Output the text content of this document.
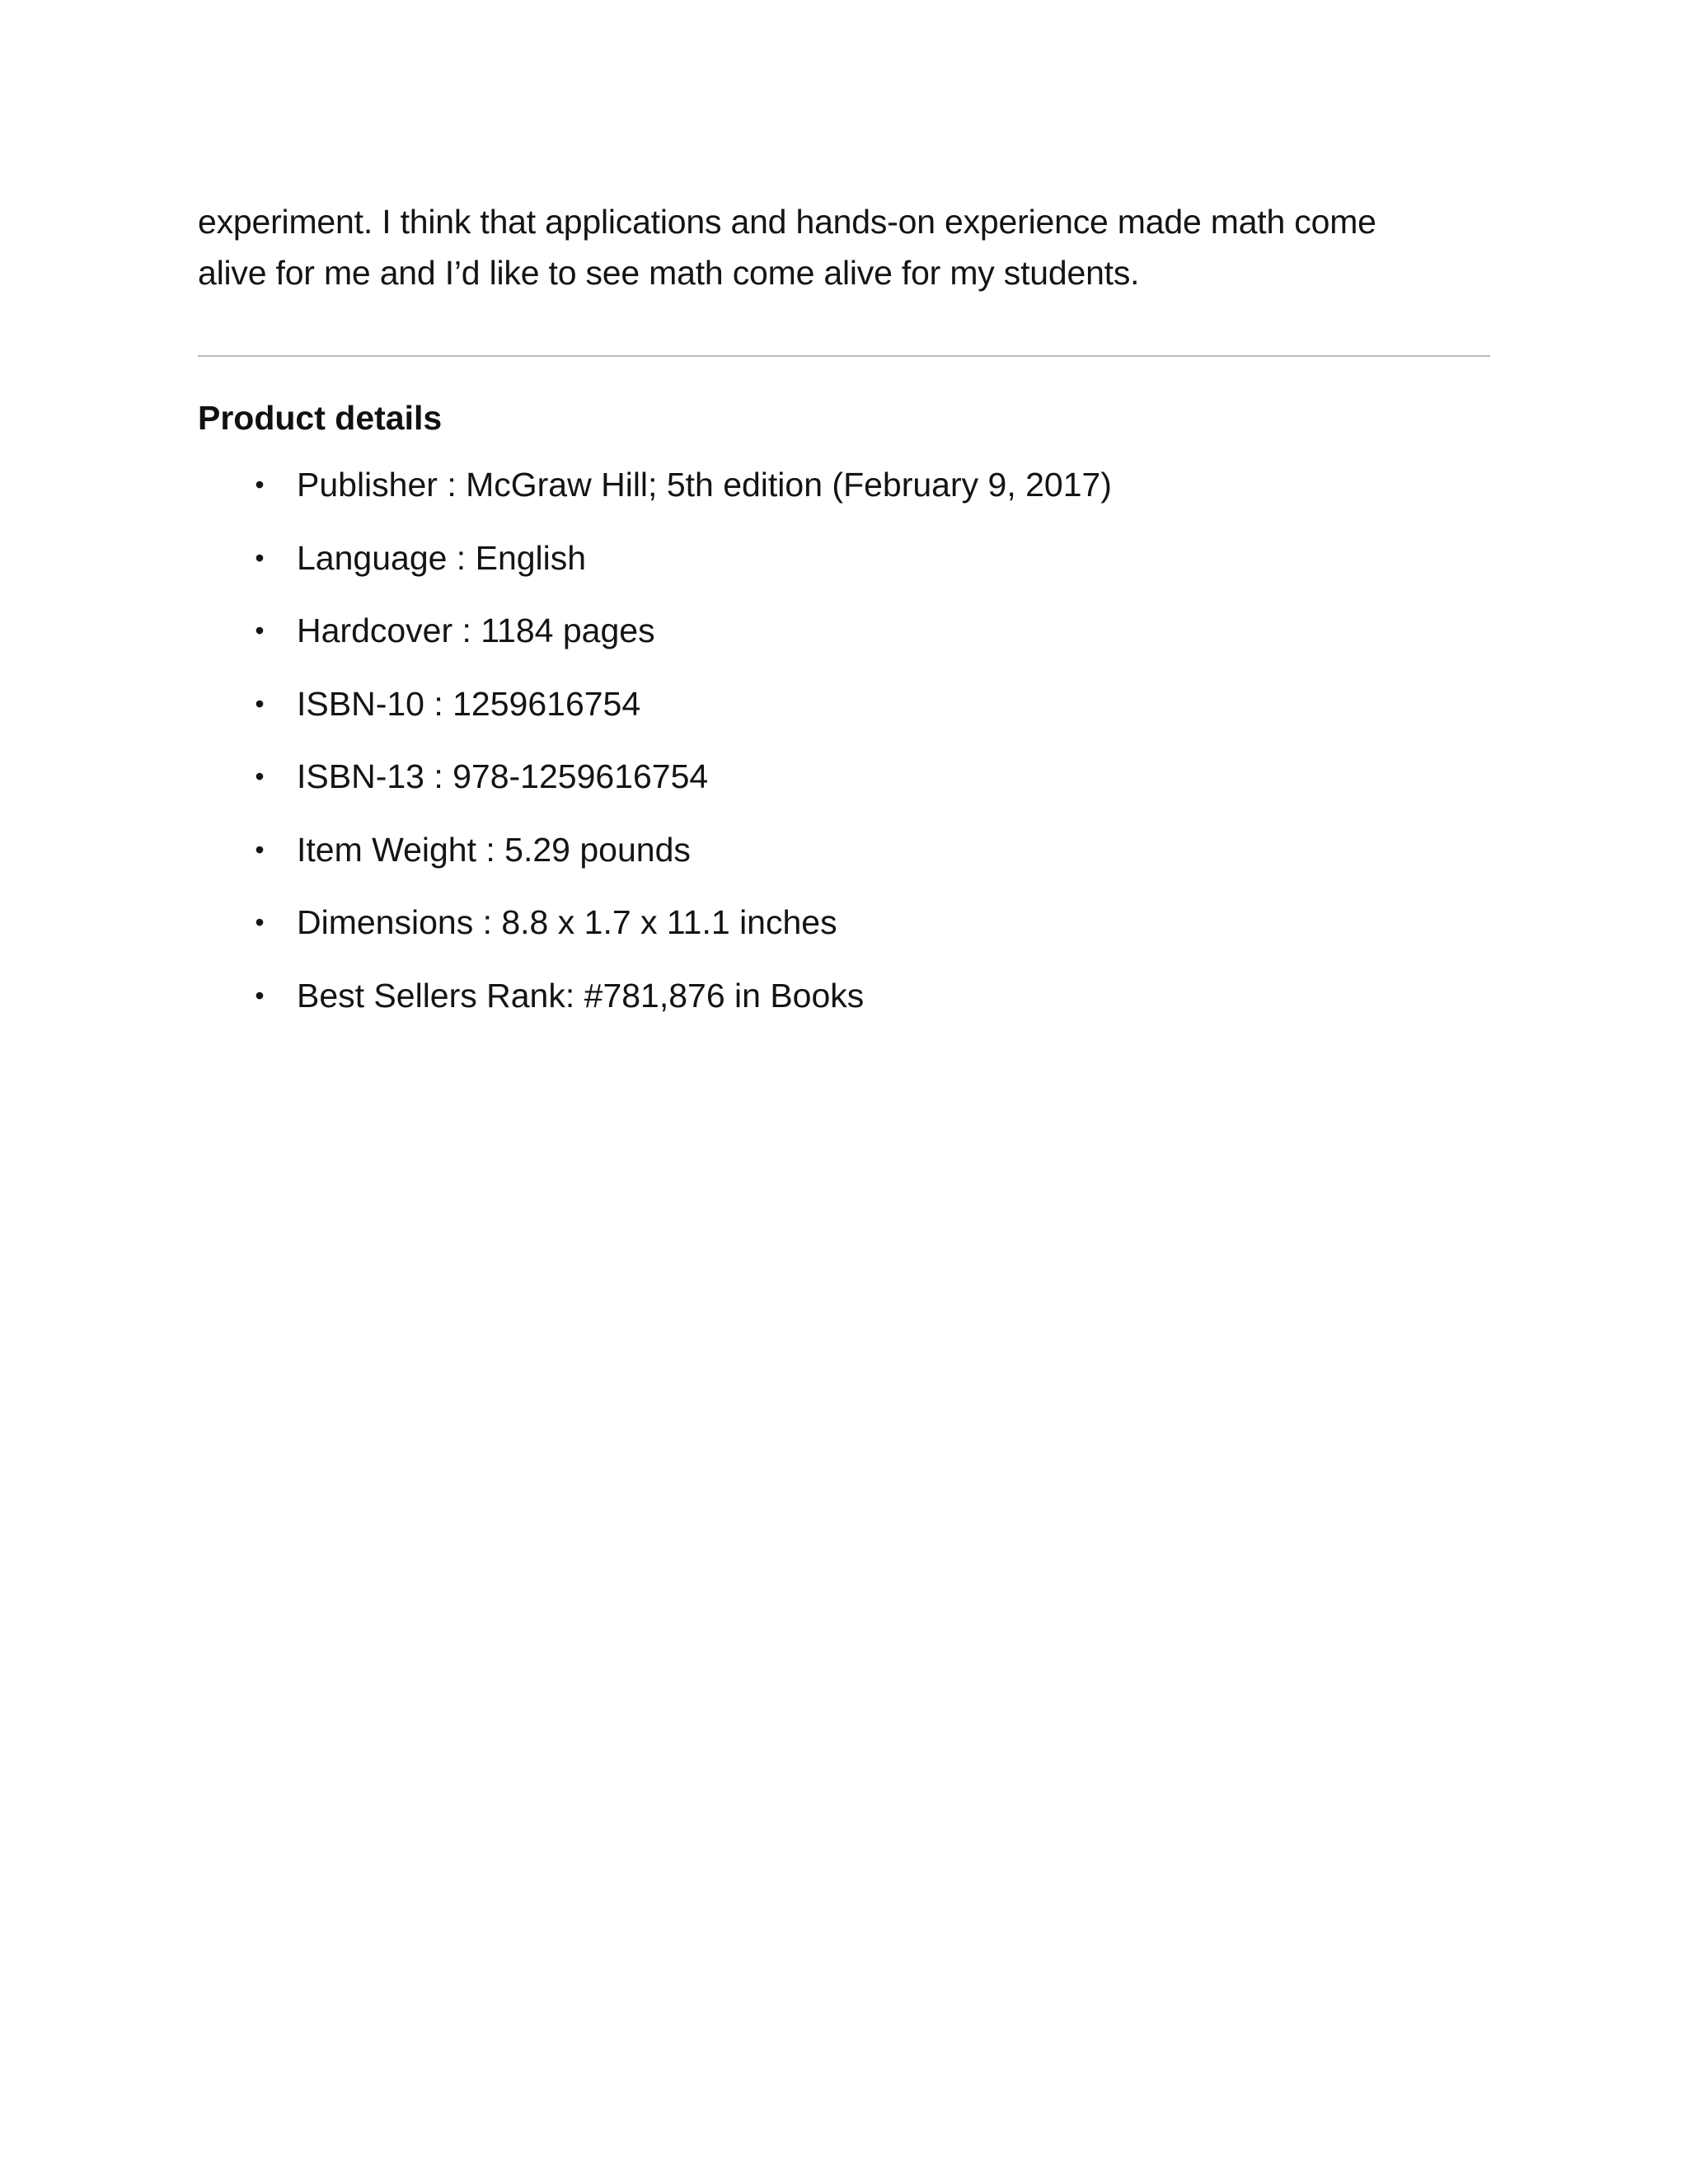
experiment. I think that applications and hands-on experience made math come
alive for me and I’d like to see math come alive for my students.

Product details
• Publisher : McGraw Hill; 5th edition (February 9, 2017)
• Language : English
• Hardcover : 1184 pages
• ISBN-10 : 1259616754
• ISBN-13 : 978-1259616754
• Item Weight : 5.29 pounds
• Dimensions : 8.8 x 1.7 x 11.1 inches
• Best Sellers Rank: #781,876 in Books
